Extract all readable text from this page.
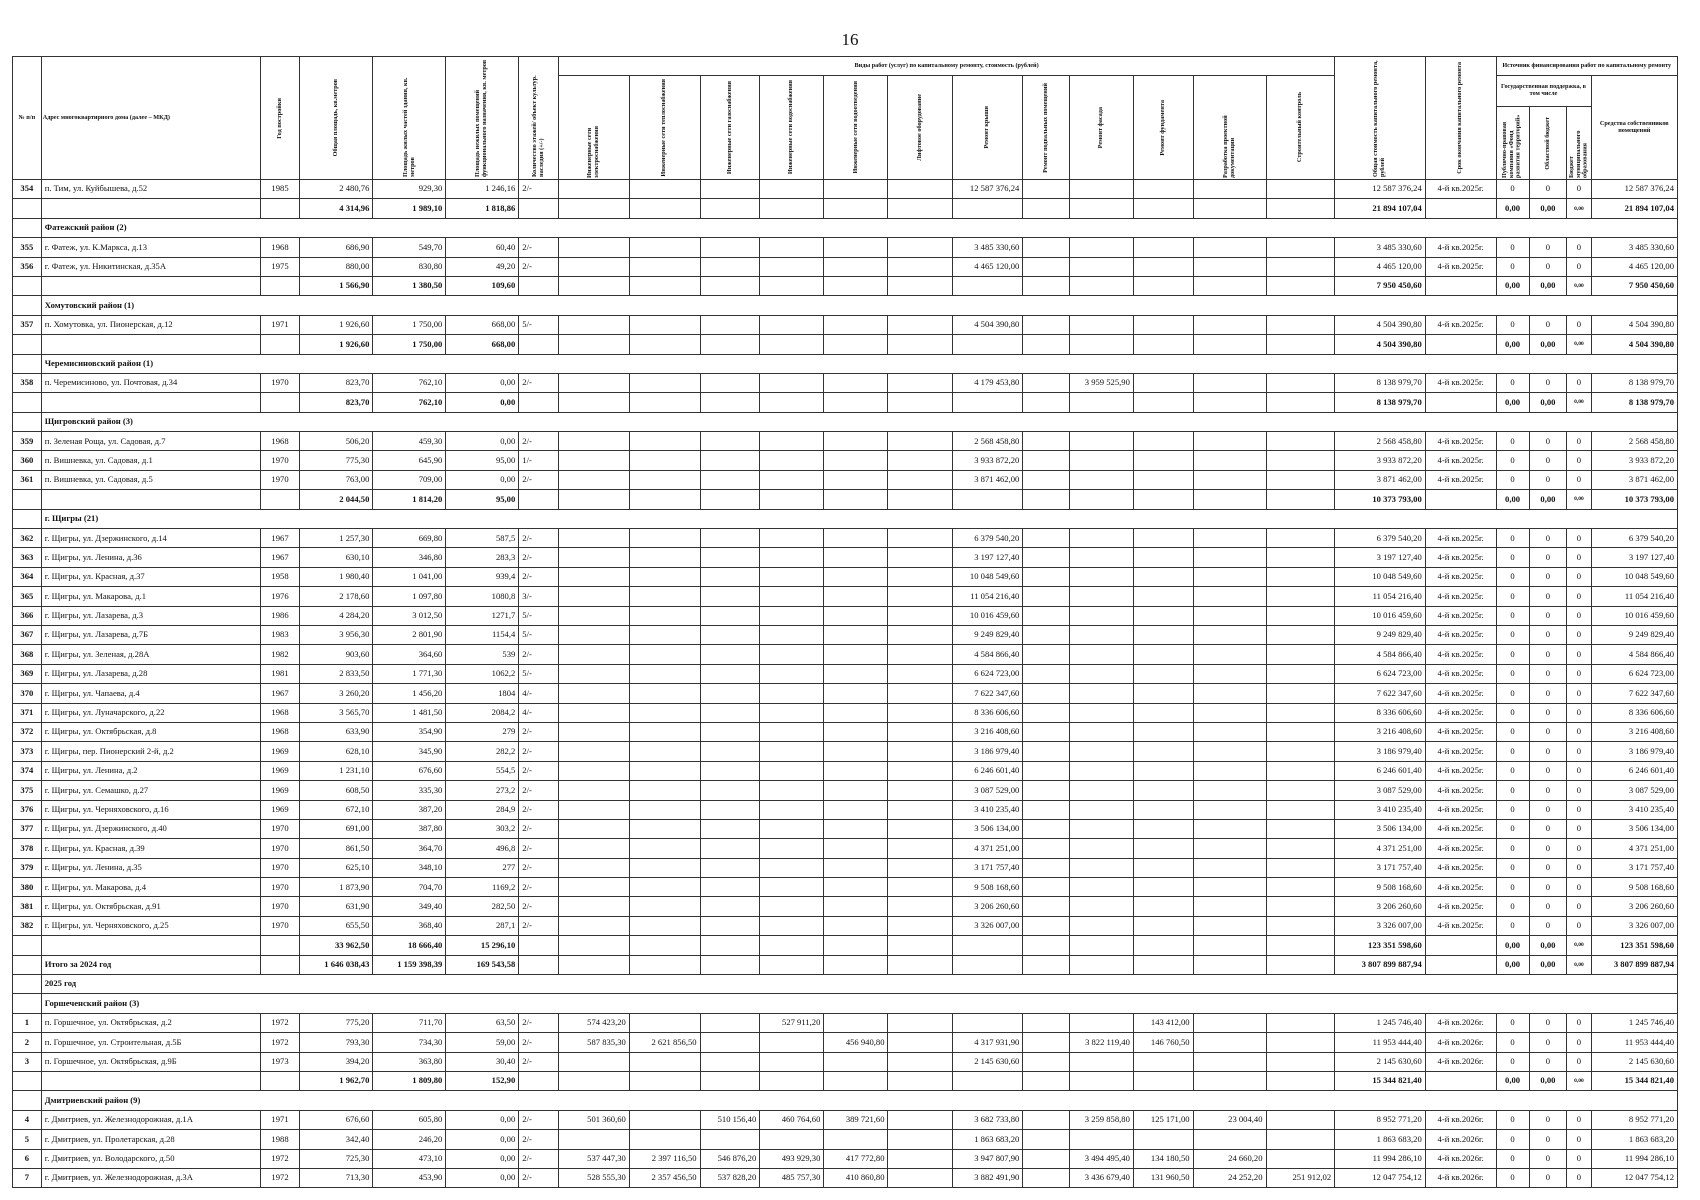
16
№ п/п	Адрес многоквартирного дома (далее – МКД)	Год постройки	Общая площадь, кв.метров	Площадь жилых частей здания, кв. метров	Площадь нежилых помещений функционального назначения, кв. метров	Количество этажей/ объект культур. наследия (+/-)	Виды работ (услуг) по капитальному ремонту, стоимость (рублей)												Общая стоимость капитального ремонта, рублей	Срок окончания капитального ремонта	Источник финансирования работ по капитальному ремонту			

							Инженерные сети электроснабжения	Инженерные сети теплоснабжения	Инженерные сети газоснабжения	Инженерные сети водоснабжения	Инженерные сети водоотведения	Лифтовое оборудование	Ремонт крыши	Ремонт подвальных помещений	Ремонт фасада	Ремонт фундамента	Разработка проектной документации	Строительный контроль			Государственная поддержка, в том числе			Средства собственников помещений

																					Публично-правовая компания «Фонд развития территорий»	Областной бюджет	Бюджет муниципального образования	

354	п. Тим, ул. Куйбышева, д.52	1985	2 480,76	929,30	1 246,16	2/-							12 587 376,24						12 587 376,24	4-й кв.2025г.	0	0	0	12 587 376,24
			4 314,96	1 989,10	1 818,86														21 894 107,04		0,00	0,00	0,00	21 894 107,04
	Фатежский район (2)																							
355	г. Фатеж, ул. К.Маркса, д.13	1968	686,90	549,70	60,40	2/-							3 485 330,60						3 485 330,60	4-й кв.2025г.	0	0	0	3 485 330,60
356	г. Фатеж, ул. Никитинская, д.35А	1975	880,00	830,80	49,20	2/-							4 465 120,00						4 465 120,00	4-й кв.2025г.	0	0	0	4 465 120,00
			1 566,90	1 380,50	109,60														7 950 450,60		0,00	0,00	0,00	7 950 450,60
	Хомутовский район (1)																							
357	п. Хомутовка, ул. Пионерская, д.12	1971	1 926,60	1 750,00	668,00	5/-							4 504 390,80						4 504 390,80	4-й кв.2025г.	0	0	0	4 504 390,80
			1 926,60	1 750,00	668,00														4 504 390,80		0,00	0,00	0,00	4 504 390,80
	Черемисиновский район (1)																							
358	п. Черемисиново, ул. Почтовая, д.34	1970	823,70	762,10	0,00	2/-							4 179 453,80		3 959 525,90				8 138 979,70	4-й кв.2025г.	0	0	0	8 138 979,70
			823,70	762,10	0,00														8 138 979,70		0,00	0,00	0,00	8 138 979,70
	Щигровский район (3)																							
359	п. Зеленая Роща, ул. Садовая, д.7	1968	506,20	459,30	0,00	2/-							2 568 458,80						2 568 458,80	4-й кв.2025г.	0	0	0	2 568 458,80
360	п. Вишневка, ул. Садовая, д.1	1970	775,30	645,90	95,00	1/-							3 933 872,20						3 933 872,20	4-й кв.2025г.	0	0	0	3 933 872,20
361	п. Вишневка, ул. Садовая, д.5	1970	763,00	709,00	0,00	2/-							3 871 462,00						3 871 462,00	4-й кв.2025г.	0	0	0	3 871 462,00
			2 044,50	1 814,20	95,00														10 373 793,00		0,00	0,00	0,00	10 373 793,00
	г. Щигры (21)																							
362	г. Щигры, ул. Дзержинского, д.14	1967	1 257,30	669,80	587,5	2/-							6 379 540,20						6 379 540,20	4-й кв.2025г.	0	0	0	6 379 540,20
363	г. Щигры, ул. Ленина, д.36	1967	630,10	346,80	283,3	2/-							3 197 127,40						3 197 127,40	4-й кв.2025г.	0	0	0	3 197 127,40
364	г. Щигры, ул. Красная, д.37	1958	1 980,40	1 041,00	939,4	2/-							10 048 549,60						10 048 549,60	4-й кв.2025г.	0	0	0	10 048 549,60
365	г. Щигры, ул. Макарова, д.1	1976	2 178,60	1 097,80	1080,8	3/-							11 054 216,40						11 054 216,40	4-й кв.2025г.	0	0	0	11 054 216,40
366	г. Щигры, ул. Лазарева, д.3	1986	4 284,20	3 012,50	1271,7	5/-							10 016 459,60						10 016 459,60	4-й кв.2025г.	0	0	0	10 016 459,60
367	г. Щигры, ул. Лазарева, д.7Б	1983	3 956,30	2 801,90	1154,4	5/-							9 249 829,40						9 249 829,40	4-й кв.2025г.	0	0	0	9 249 829,40
368	г. Щигры, ул. Зеленая, д.28А	1982	903,60	364,60	539	2/-							4 584 866,40						4 584 866,40	4-й кв.2025г.	0	0	0	4 584 866,40
369	г. Щигры, ул. Лазарева, д.28	1981	2 833,50	1 771,30	1062,2	5/-							6 624 723,00						6 624 723,00	4-й кв.2025г.	0	0	0	6 624 723,00
370	г. Щигры, ул. Чапаева, д.4	1967	3 260,20	1 456,20	1804	4/-							7 622 347,60						7 622 347,60	4-й кв.2025г.	0	0	0	7 622 347,60
371	г. Щигры, ул. Луначарского, д.22	1968	3 565,70	1 481,50	2084,2	4/-							8 336 606,60						8 336 606,60	4-й кв.2025г.	0	0	0	8 336 606,60
372	г. Щигры, ул. Октябрьская, д.8	1968	633,90	354,90	279	2/-							3 216 408,60						3 216 408,60	4-й кв.2025г.	0	0	0	3 216 408,60
373	г. Щигры, пер. Пионерский 2-й, д.2	1969	628,10	345,90	282,2	2/-							3 186 979,40						3 186 979,40	4-й кв.2025г.	0	0	0	3 186 979,40
374	г. Щигры, ул. Ленина, д.2	1969	1 231,10	676,60	554,5	2/-							6 246 601,40						6 246 601,40	4-й кв.2025г.	0	0	0	6 246 601,40
375	г. Щигры, ул. Семашко, д.27	1969	608,50	335,30	273,2	2/-							3 087 529,00						3 087 529,00	4-й кв.2025г.	0	0	0	3 087 529,00
376	г. Щигры, ул. Черняховского, д.16	1969	672,10	387,20	284,9	2/-							3 410 235,40						3 410 235,40	4-й кв.2025г.	0	0	0	3 410 235,40
377	г. Щигры, ул. Дзержинского, д.40	1970	691,00	387,80	303,2	2/-							3 506 134,00						3 506 134,00	4-й кв.2025г.	0	0	0	3 506 134,00
378	г. Щигры, ул. Красная, д.39	1970	861,50	364,70	496,8	2/-							4 371 251,00						4 371 251,00	4-й кв.2025г.	0	0	0	4 371 251,00
379	г. Щигры, ул. Ленина, д.35	1970	625,10	348,10	277	2/-							3 171 757,40						3 171 757,40	4-й кв.2025г.	0	0	0	3 171 757,40
380	г. Щигры, ул. Макарова, д.4	1970	1 873,90	704,70	1169,2	2/-							9 508 168,60						9 508 168,60	4-й кв.2025г.	0	0	0	9 508 168,60
381	г. Щигры, ул. Октябрьская, д.91	1970	631,90	349,40	282,50	2/-							3 206 260,60						3 206 260,60	4-й кв.2025г.	0	0	0	3 206 260,60
382	г. Щигры, ул. Черняховского, д.25	1970	655,50	368,40	287,1	2/-							3 326 007,00						3 326 007,00	4-й кв.2025г.	0	0	0	3 326 007,00
			33 962,50	18 666,40	15 296,10														123 351 598,60		0,00	0,00	0,00	123 351 598,60
	Итого за 2024 год		1 646 038,43	1 159 398,39	169 543,58														3 807 899 887,94		0,00	0,00	0,00	3 807 899 887,94
	2025 год																							
	Горшеченский район (3)																							
1	п. Горшечное, ул. Октябрьская, д.2	1972	775,20	711,70	63,50	2/-	574 423,20			527 911,20						143 412,00			1 245 746,40	4-й кв.2026г.	0	0	0	1 245 746,40
2	п. Горшечное, ул. Строительная, д.5Б	1972	793,30	734,30	59,00	2/-	587 835,30	2 621 856,50			456 940,80		4 317 931,90		3 822 119,40	146 760,50			11 953 444,40	4-й кв.2026г.	0	0	0	11 953 444,40
3	п. Горшечное, ул. Октябрьская, д.9Б	1973	394,20	363,80	30,40	2/-							2 145 630,60						2 145 630,60	4-й кв.2026г.	0	0	0	2 145 630,60
			1 962,70	1 809,80	152,90														15 344 821,40		0,00	0,00	0,00	15 344 821,40
	Дмитриевский район (9)																							
4	г. Дмитриев, ул. Железнодорожная, д.1А	1971	676,60	605,80	0,00	2/-	501 360,60		510 156,40	460 764,60	389 721,60		3 682 733,80		3 259 858,80	125 171,00	23 004,40		8 952 771,20	4-й кв.2026г.	0	0	0	8 952 771,20
5	г. Дмитриев, ул. Пролетарская, д.28	1988	342,40	246,20	0,00	2/-							1 863 683,20						1 863 683,20	4-й кв.2026г.	0	0	0	1 863 683,20
6	г. Дмитриев, ул. Володарского, д.50	1972	725,30	473,10	0,00	2/-	537 447,30	2 397 116,50	546 876,20	493 929,30	417 772,80		3 947 807,90		3 494 495,40	134 180,50	24 660,20		11 994 286,10	4-й кв.2026г.	0	0	0	11 994 286,10
7	г. Дмитриев, ул. Железнодорожная, д.3А	1972	713,30	453,90	0,00	2/-	528 555,30	2 357 456,50	537 828,20	485 757,30	410 860,80		3 882 491,90		3 436 679,40	131 960,50	24 252,20	251 912,02	12 047 754,12	4-й кв.2026г.	0	0	0	12 047 754,12
